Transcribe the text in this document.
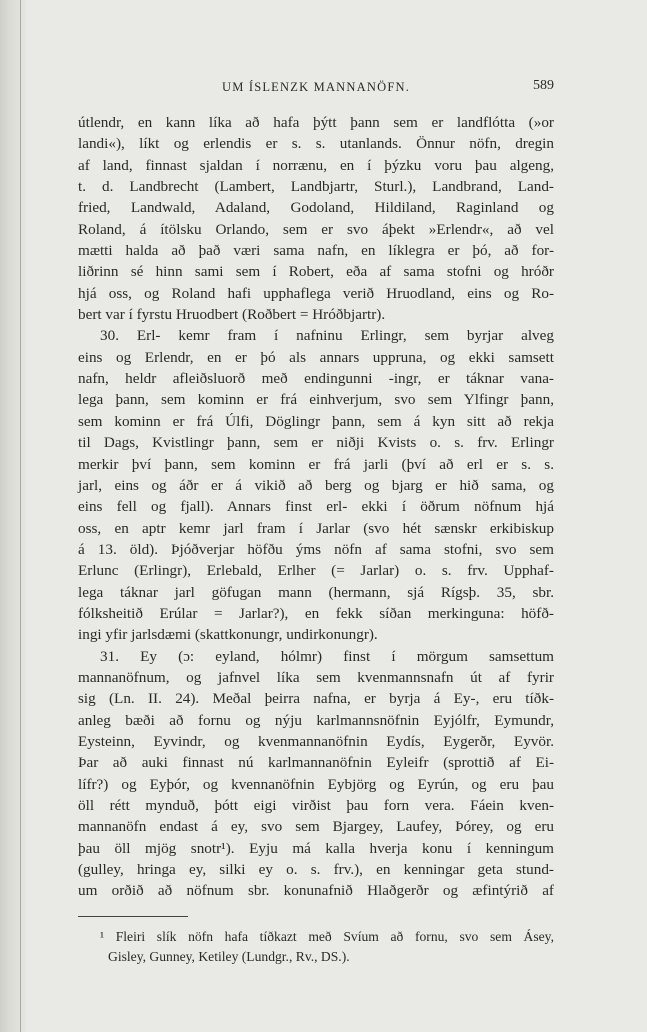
UM ÍSLENZK MANNANÖFN.	589
útlendr, en kann líka að hafa þýtt þann sem er landflótta (»or
landi«), líkt og erlendis er s. s. utanlands. Önnur nöfn, dregin
af land, finnast sjaldan í norrænu, en í þýzku voru þau algeng,
t. d. Landbrecht (Lambert, Landbjartr, Sturl.), Landbrand, Land-
fried, Landwald, Adaland, Godoland, Hildiland, Raginland og
Roland, á ítölsku Orlando, sem er svo áþekt »Erlendr«, að vel
mætti halda að það væri sama nafn, en líklegra er þó, að for-
liðrinn sé hinn sami sem í Robert, eða af sama stofni og hróðr
hjá oss, og Roland hafi upphaflega verið Hruodland, eins og Ro-
bert var í fyrstu Hruodbert (Roðbert = Hróðbjartr).
30. Erl- kemr fram í nafninu Erlingr, sem byrjar alveg
eins og Erlendr, en er þó als annars uppruna, og ekki samsett
nafn, heldr afleiðsluorð með endingunni -ingr, er táknar vana-
lega þann, sem kominn er frá einhverjum, svo sem Ylfingr þann,
sem kominn er frá Úlfi, Döglingr þann, sem á kyn sitt að rekja
til Dags, Kvistlingr þann, sem er niðji Kvists o. s. frv. Erlingr
merkir því þann, sem kominn er frá jarli (því að erl er s. s.
jarl, eins og áðr er á vikið að berg og bjarg er hið sama, og
eins fell og fjall). Annars finst erl- ekki í öðrum nöfnum hjá
oss, en aptr kemr jarl fram í Jarlar (svo hét sænskr erkibiskup
á 13. öld). Þjóðverjar höfðu ýms nöfn af sama stofni, svo sem
Erlunc (Erlingr), Erlebald, Erlher (= Jarlar) o. s. frv. Upphaf-
lega táknar jarl göfugan mann (hermann, sjá Rígsþ. 35, sbr.
fólksheitið Erúlar = Jarlar?), en fekk síðan merkinguna: höfð-
ingi yfir jarlsdæmi (skattkonungr, undirkonungr).
31. Ey (ɔ: eyland, hólmr) finst í mörgum samsettum
mannanöfnum, og jafnvel líka sem kvenmannsnafn út af fyrir
sig (Ln. II. 24). Meðal þeirra nafna, er byrja á Ey-, eru tíðk-
anleg bæði að fornu og nýju karlmannsnöfnin Eyjólfr, Eymundr,
Eysteinn, Eyvindr, og kvenmannanöfnin Eydís, Eygerðr, Eyvör.
Þar að auki finnast nú karlmannanöfnin Eyleifr (sprottið af Ei-
lífr?) og Eyþór, og kvennanöfnin Eybjörg og Eyrún, og eru þau
öll rétt mynduð, þótt eigi virðist þau forn vera. Fáein kven-
mannanöfn endast á ey, svo sem Bjargey, Laufey, Þórey, og eru
þau öll mjög snotr¹). Eyju má kalla hverja konu í kenningum
(gulley, hringa ey, silki ey o. s. frv.), en kenningar geta stund-
um orðið að nöfnum sbr. konunafnið Hlaðgerðr og æfintýrið af
¹ Fleiri slík nöfn hafa tíðkazt með Svíum að fornu, svo sem Ásey,
Gisley, Gunney, Ketiley (Lundgr., Rv., DS.).
